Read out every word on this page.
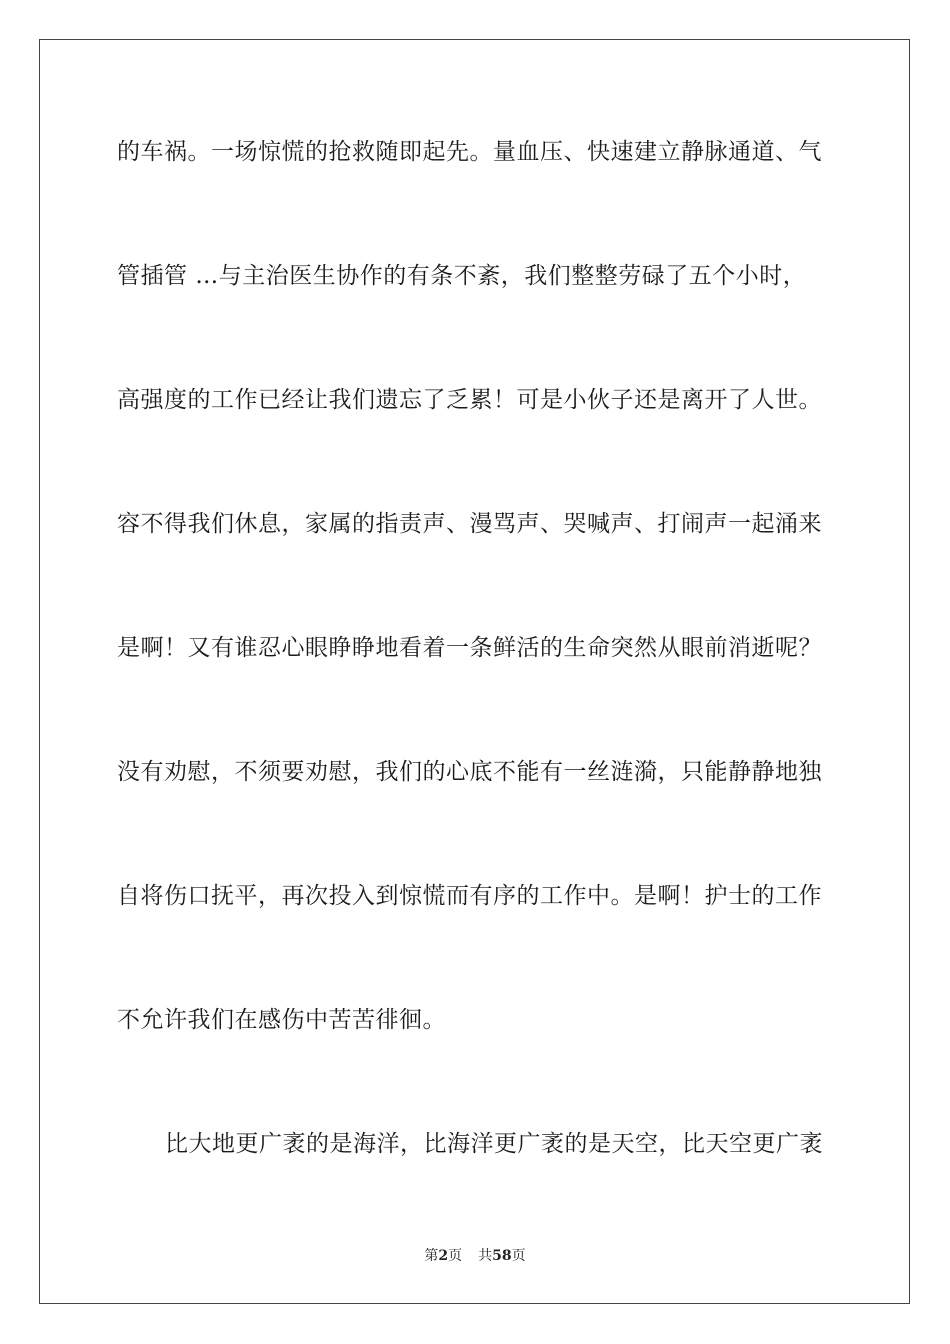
的车祸。一场惊慌的抢救随即起先。量血压、快速建立静脉通道、气
管插管 …与主治医生协作的有条不紊，我们整整劳碌了五个小时，
高强度的工作已经让我们遗忘了乏累！可是小伙子还是离开了人世。
容不得我们休息，家属的指责声、漫骂声、哭喊声、打闹声一起涌来
是啊！又有谁忍心眼睁睁地看着一条鲜活的生命突然从眼前消逝呢？
没有劝慰，不须要劝慰，我们的心底不能有一丝涟漪，只能静静地独
自将伤口抚平，再次投入到惊慌而有序的工作中。是啊！护士的工作
不允许我们在感伤中苦苦徘徊。
比大地更广袤的是海洋，比海洋更广袤的是天空，比天空更广袤
第2页 共58页
